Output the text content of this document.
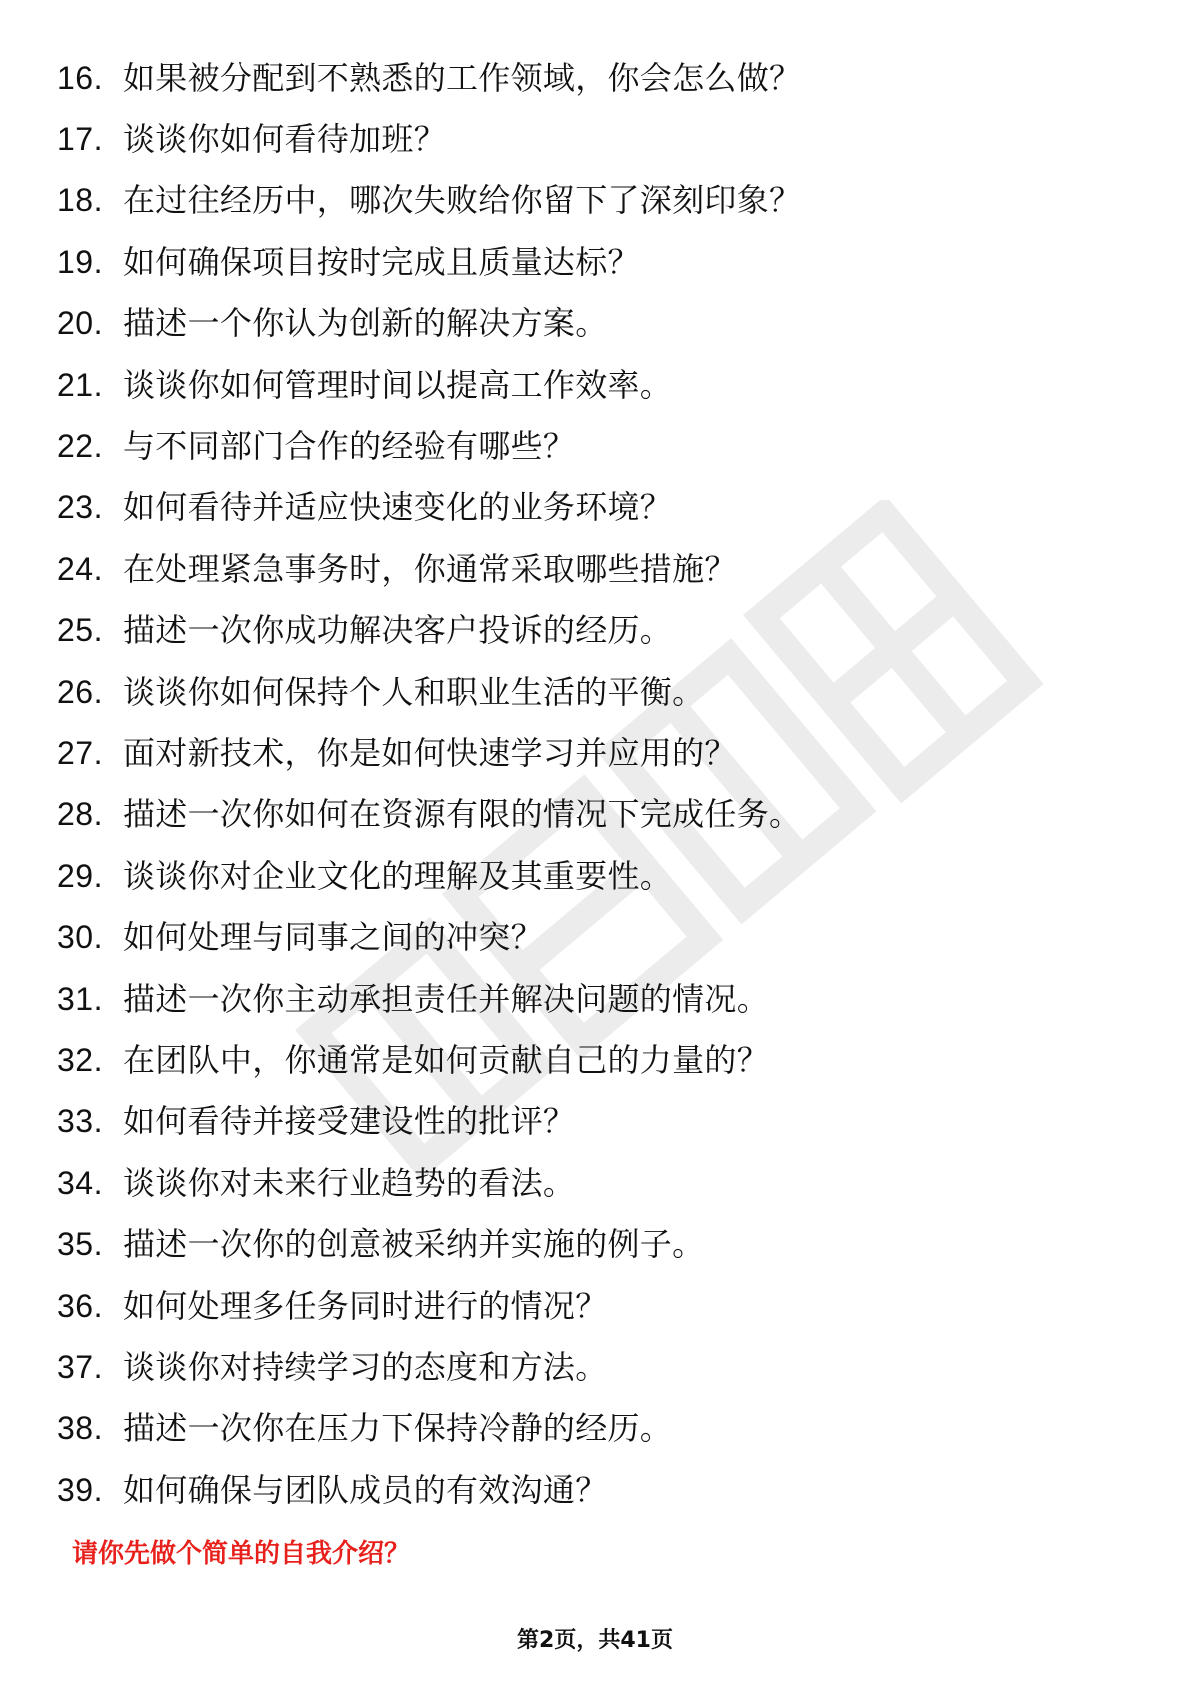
16. 如果被分配到不熟悉的工作领域，你会怎么做？
17. 谈谈你如何看待加班？
18. 在过往经历中，哪次失败给你留下了深刻印象？
19. 如何确保项目按时完成且质量达标？
20. 描述一个你认为创新的解决方案。
21. 谈谈你如何管理时间以提高工作效率。
22. 与不同部门合作的经验有哪些？
23. 如何看待并适应快速变化的业务环境？
24. 在处理紧急事务时，你通常采取哪些措施？
25. 描述一次你成功解决客户投诉的经历。
26. 谈谈你如何保持个人和职业生活的平衡。
27. 面对新技术，你是如何快速学习并应用的？
28. 描述一次你如何在资源有限的情况下完成任务。
29. 谈谈你对企业文化的理解及其重要性。
30. 如何处理与同事之间的冲突？
31. 描述一次你主动承担责任并解决问题的情况。
32. 在团队中，你通常是如何贡献自己的力量的？
33. 如何看待并接受建设性的批评？
34. 谈谈你对未来行业趋势的看法。
35. 描述一次你的创意被采纳并实施的例子。
36. 如何处理多任务同时进行的情况？
37. 谈谈你对持续学习的态度和方法。
38. 描述一次你在压力下保持冷静的经历。
39. 如何确保与团队成员的有效沟通？
请你先做个简单的自我介绍？
第2页，共41页
